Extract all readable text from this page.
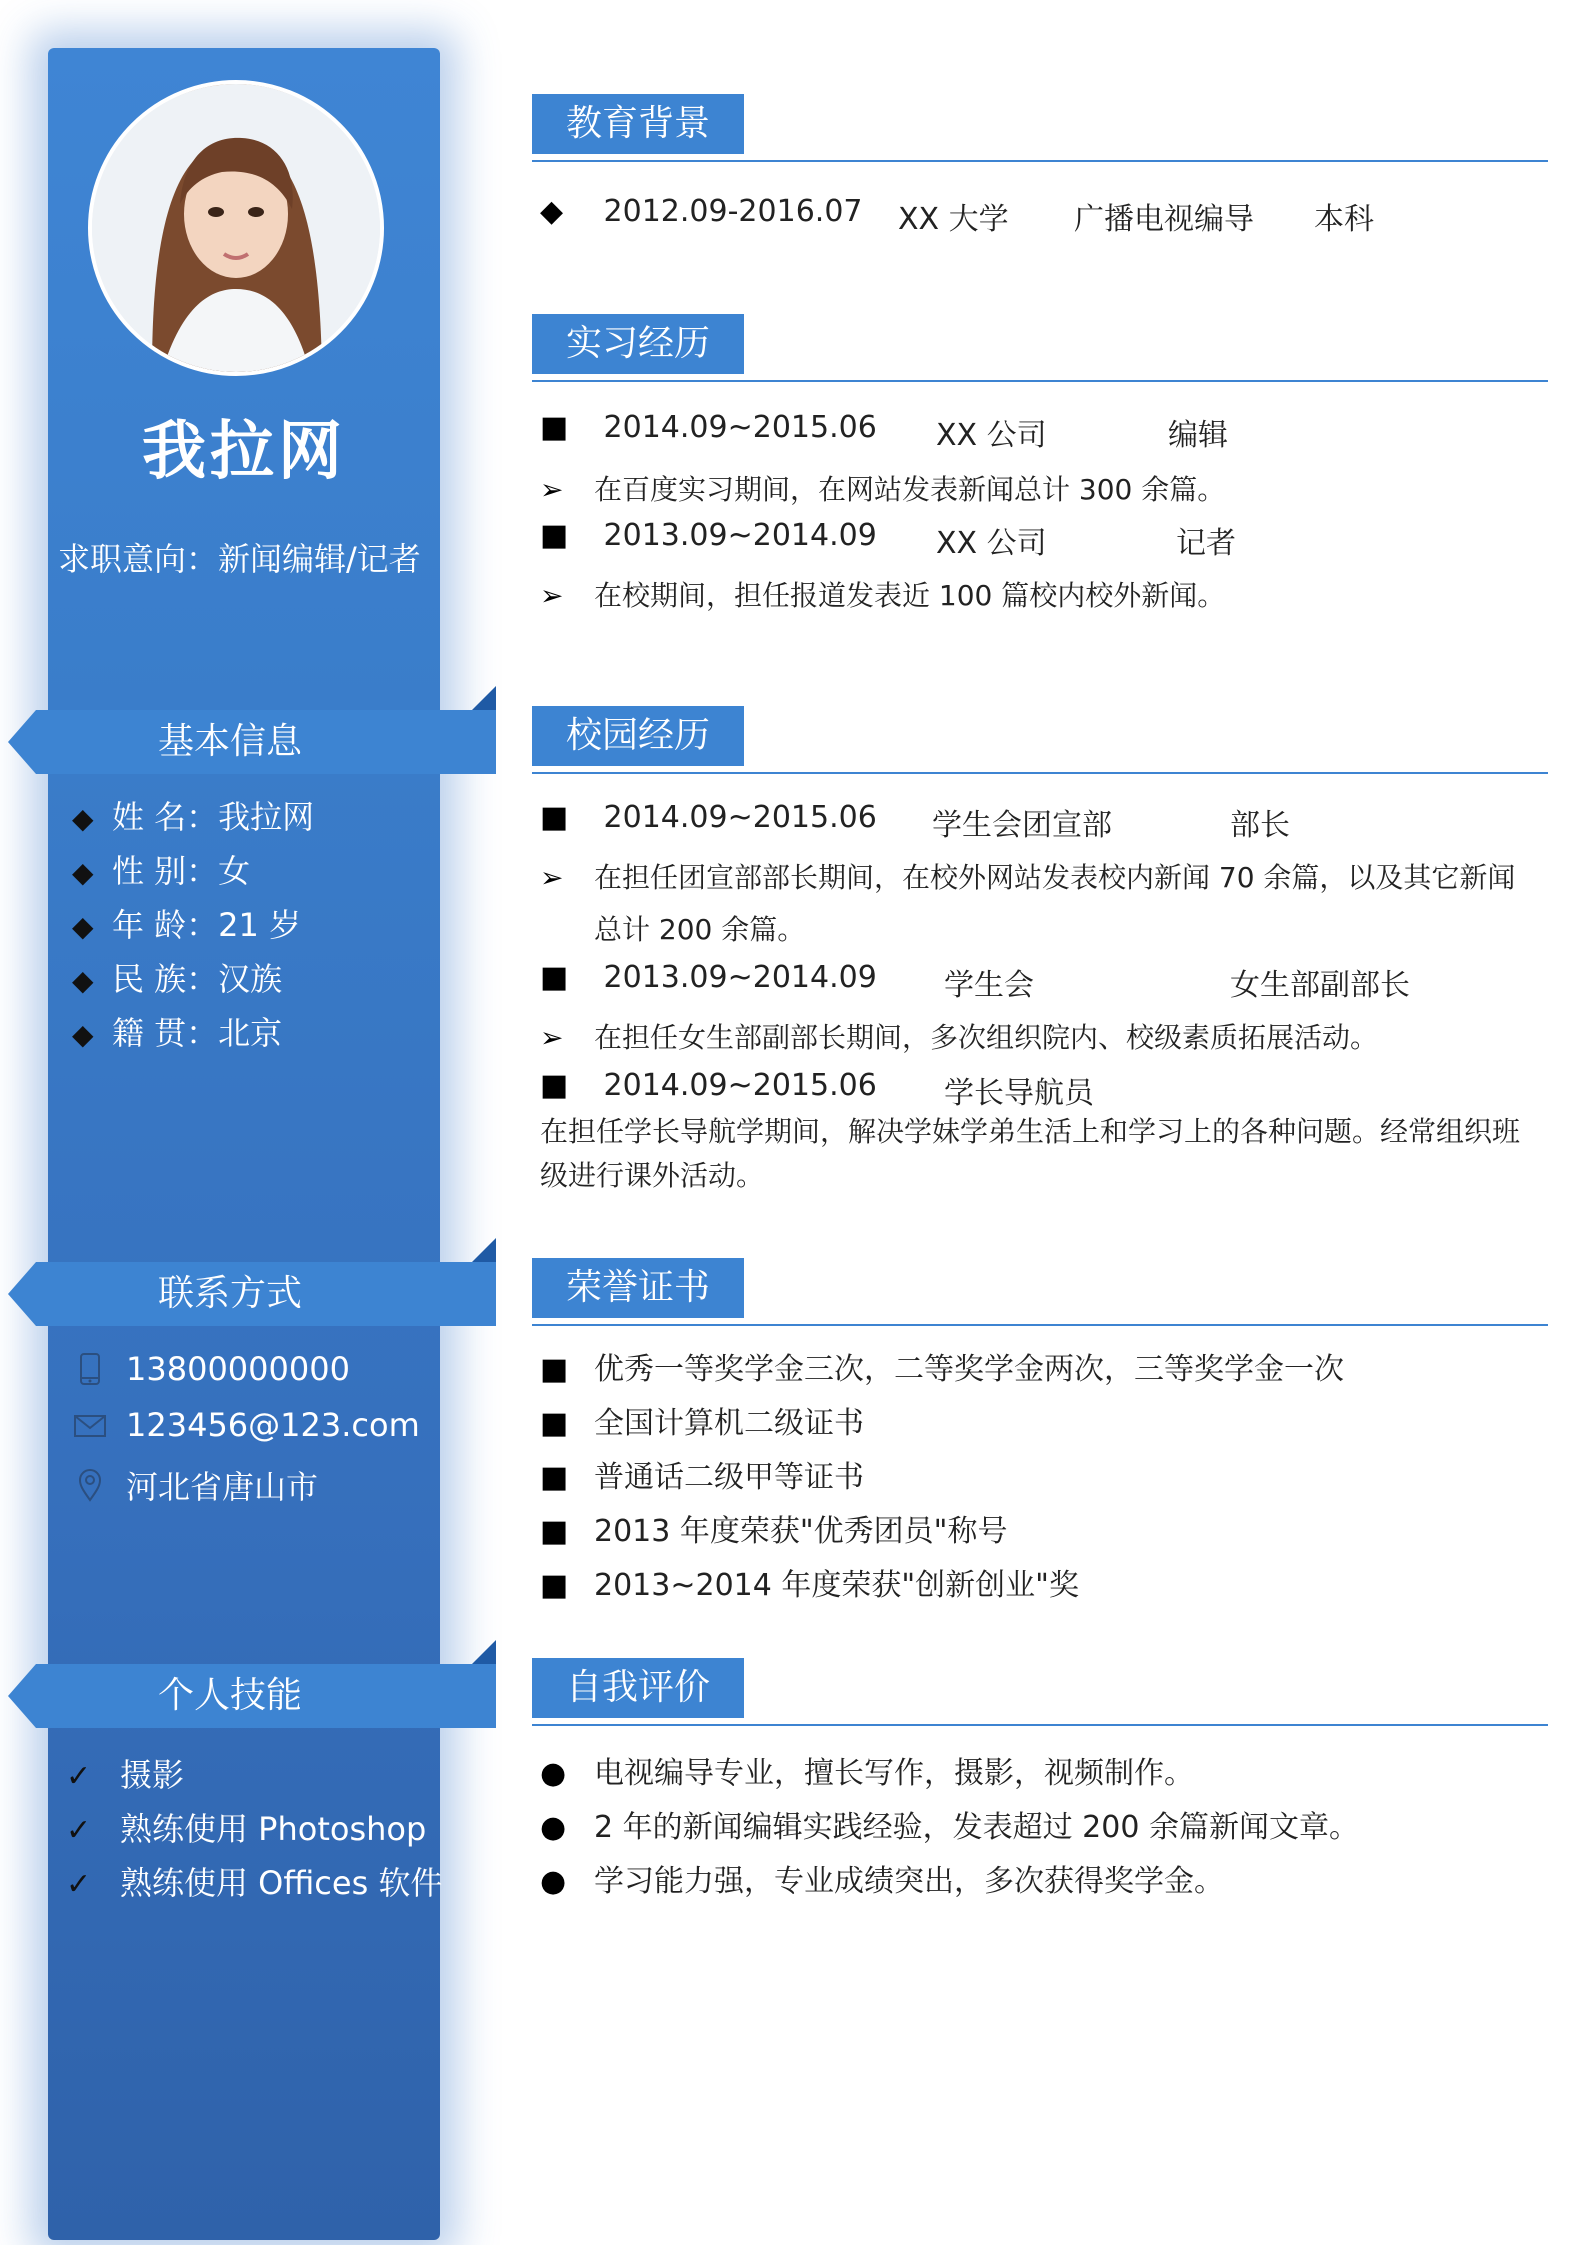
我拉网
求职意向：新闻编辑/记者
基本信息
◆ 姓 名：我拉网
◆ 性 别：女
◆ 年 龄：21 岁
◆ 民 族：汉族
◆ 籍 贯：北京
联系方式
13800000000
123456@123.com
河北省唐山市
个人技能
✓ 摄影
✓ 熟练使用 Photoshop
✓ 熟练使用 Offices 软件
教育背景
◆ 2012.09-2016.07 XX 大学 广播电视编导 本科
实习经历
■ 2014.09~2015.06 XX 公司	编辑
➢ 在百度实习期间，在网站发表新闻总计 300 余篇。
■ 2013.09~2014.09 XX 公司	记者
➢ 在校期间，担任报道发表近 100 篇校内校外新闻。
校园经历
■ 2014.09~2015.06 学生会团宣部	部长
➢ 在担任团宣部部长期间，在校外网站发表校内新闻 70 余篇，以及其它新闻
总计 200 余篇。
■ 2013.09~2014.09 学生会	女生部副部长
➢ 在担任女生部副部长期间，多次组织院内、校级素质拓展活动。
■ 2014.09~2015.06 学长导航员
在担任学长导航学期间，解决学妹学弟生活上和学习上的各种问题。经常组织班级进行课外活动。
荣誉证书
■ 优秀一等奖学金三次，二等奖学金两次，三等奖学金一次
■ 全国计算机二级证书
■ 普通话二级甲等证书
■ 2013 年度荣获"优秀团员"称号
■ 2013~2014 年度荣获"创新创业"奖
自我评价
● 电视编导专业，擅长写作，摄影，视频制作。
● 2 年的新闻编辑实践经验，发表超过 200 余篇新闻文章。
● 学习能力强，专业成绩突出，多次获得奖学金。
